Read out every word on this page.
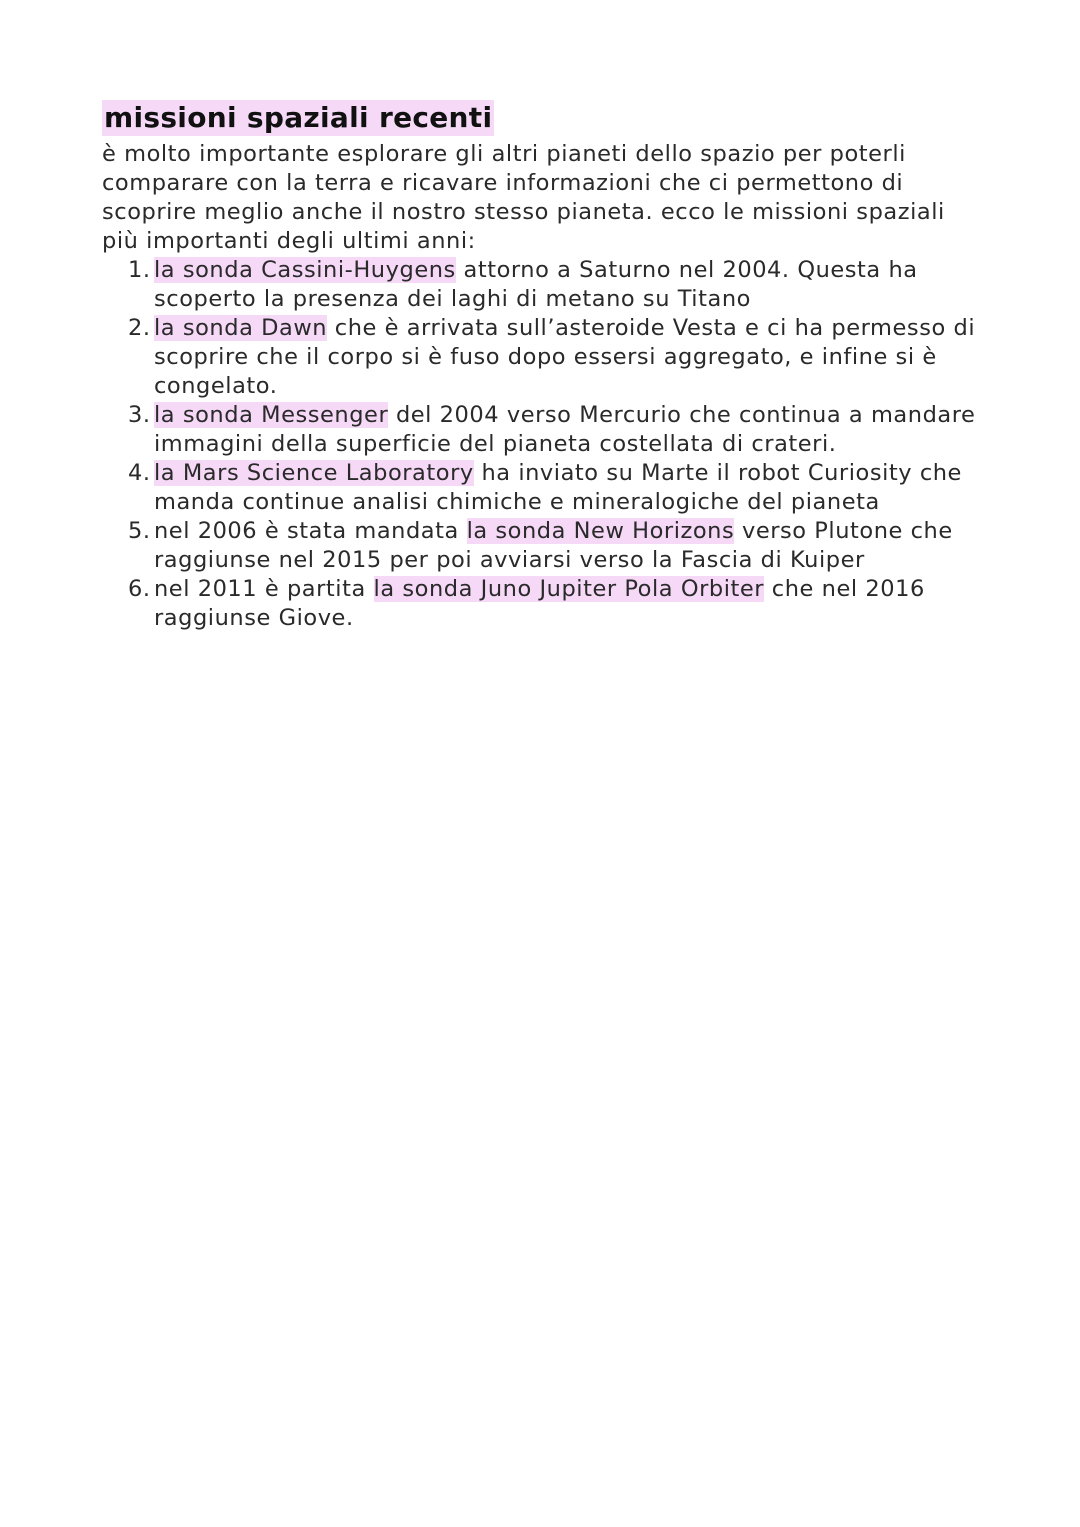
missioni spaziali recenti

è molto importante esplorare gli altri pianeti dello spazio per poterli comparare con la terra e ricavare informazioni che ci permettono di scoprire meglio anche il nostro stesso pianeta. ecco le missioni spaziali più importanti degli ultimi anni:

1. la sonda Cassini-Huygens attorno a Saturno nel 2004. Questa ha scoperto la presenza dei laghi di metano su Titano
2. la sonda Dawn che è arrivata sull’asteroide Vesta e ci ha permesso di scoprire che il corpo si è fuso dopo essersi aggregato, e infine si è congelato.
3. la sonda Messenger del 2004 verso Mercurio che continua a mandare immagini della superficie del pianeta costellata di crateri.
4. la Mars Science Laboratory ha inviato su Marte il robot Curiosity che manda continue analisi chimiche e mineralogiche del pianeta
5. nel 2006 è stata mandata la sonda New Horizons verso Plutone che raggiunse nel 2015 per poi avviarsi verso la Fascia di Kuiper
6. nel 2011 è partita la sonda Juno Jupiter Pola Orbiter che nel 2016 raggiunse Giove.
